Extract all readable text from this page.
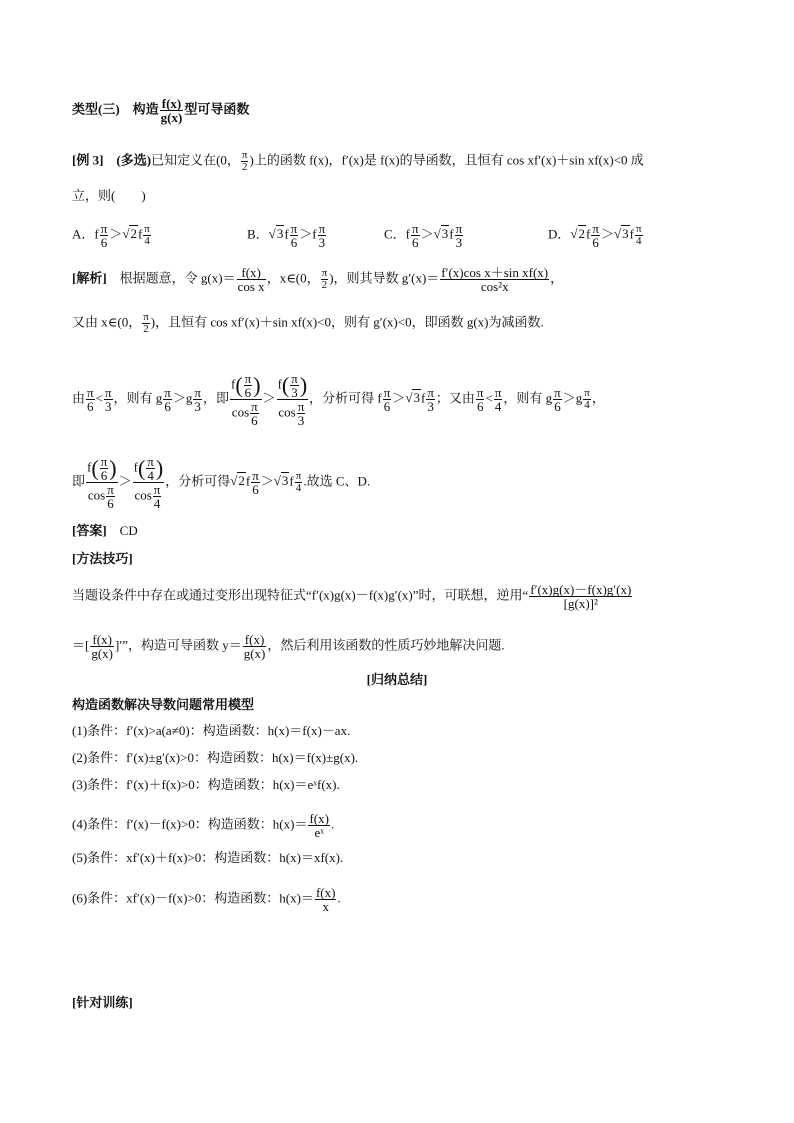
类型(三)　构造 $\frac{f(x)}{g(x)}$ 型可导函数
[例 3]　(多选)已知定义在(0， $\frac{\pi}{2}$ )上的函数 f(x)，f′(x)是 f(x)的导函数，且恒有 cos xf′(x)＋sin xf(x)<0 成
立，则(　　)
A．f $\frac{\pi}{6} >√2f \frac{\pi}{4}$	B．$√3f \frac{\pi}{6} >f \frac{\pi}{3}$	C．f $\frac{\pi}{6} >√3f \frac{\pi}{3}$	D．$√2f \frac{\pi}{6} >√3f \frac{\pi}{4}$
[解析]　根据题意，令 $g(x)= \frac{f(x)}{\text{cos x}}$ ，x∈(0， $\frac{\pi}{2}$ )，则其导数 $g'(x)= \frac{\text{f′(x)cos x＋sin xf(x)}}{\text{cos²x}}$ ，
又由 x∈(0， $\frac{\pi}{2}$ )，且恒有 cos xf′(x)＋sin xf(x)<0，则有 g′(x)<0，即函数 g(x)为减函数.
由 $\frac{\pi}{6} < \frac{\pi}{3}$ ，则有 g $\frac{\pi}{6} >g \frac{\pi}{3}$ ，即 $\frac{f( \frac{\pi}{6} )}{\cos \frac{\pi}{6}} > \frac{f( \frac{\pi}{3} )}{\cos \frac{\pi}{3}}$ ，分析可得 f $\frac{\pi}{6} >√3f \frac{\pi}{3}$ ；又由 $\frac{\pi}{6} < \frac{\pi}{4}$ ，则有 g $\frac{\pi}{6} >g \frac{\pi}{4}$ ，
即 $\frac{f( \frac{\pi}{6} )}{\cos \frac{\pi}{6}} > \frac{f( \frac{\pi}{4} )}{\cos \frac{\pi}{4}}$ ，分析可得$√2f \frac{\pi}{6} >√3f \frac{\pi}{4}$ .故选 C、D.
[答案]　CD
[方法技巧]
当题设条件中存在或通过变形出现特征式“f′(x)g(x)－f(x)g′(x)”时，可联想，逆用“ $\frac{f'(x)g(x)-f(x)g'(x)}{\text{[g(x)]²}}$
＝[ $\frac{f(x)}{g(x)}$ ]′”，构造可导函数 $y= \frac{f(x)}{g(x)}$ ，然后利用该函数的性质巧妙地解决问题.
[归纳总结]
构造函数解决导数问题常用模型
(1)条件：f′(x)>a(a≠0)：构造函数：h(x)＝f(x)－ax.
(2)条件：f′(x)±g′(x)>0：构造函数：h(x)＝f(x)±g(x).
(3)条件：f′(x)＋f(x)>0：构造函数：h(x)＝eˣf(x).
(4)条件：f′(x)－f(x)>0：构造函数：$h(x)= \frac{f(x)}{\text{eˣ}}$ .
(5)条件：xf′(x)＋f(x)>0：构造函数：h(x)＝xf(x).
(6)条件：xf′(x)－f(x)>0：构造函数：$h(x)= \frac{f(x)}{x}$ .
[针对训练]
